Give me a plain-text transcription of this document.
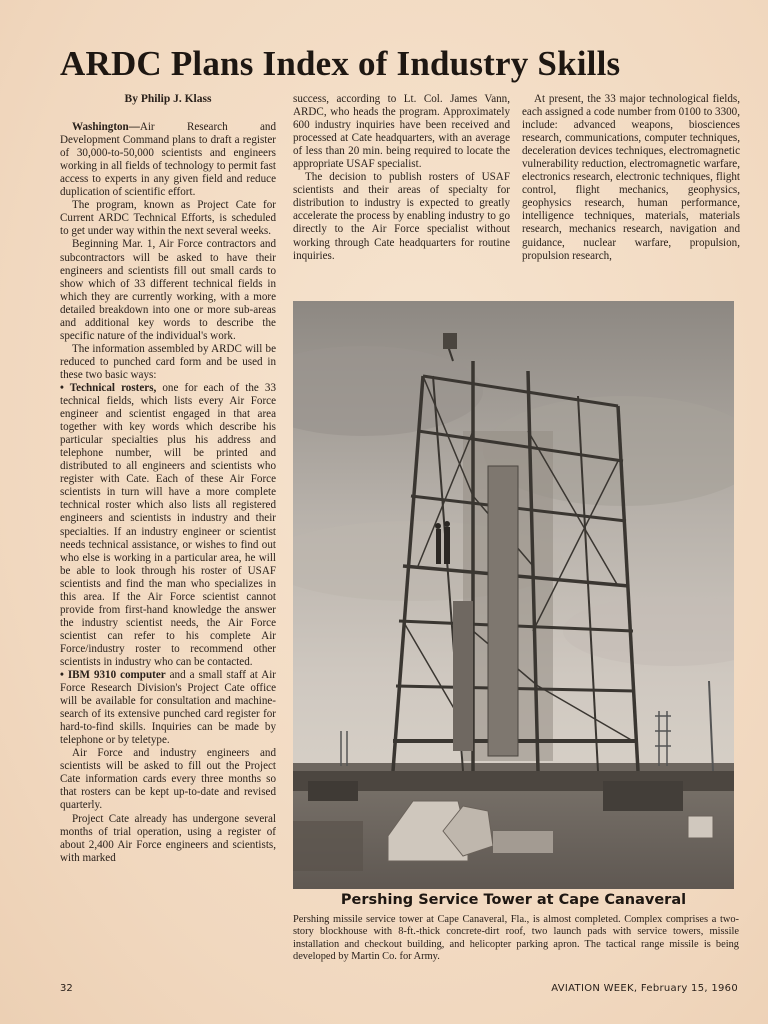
ARDC Plans Index of Industry Skills

By Philip J. Klass

Washington—Air Research and Development Command plans to draft a register of 30,000-to-50,000 scientists and engineers working in all fields of technology to permit fast access to experts in any given field and reduce duplication of scientific effort.

The program, known as Project Cate for Current ARDC Technical Efforts, is scheduled to get under way within the next several weeks.

Beginning Mar. 1, Air Force contractors and subcontractors will be asked to have their engineers and scientists fill out small cards to show which of 33 different technical fields in which they are currently working, with a more detailed breakdown into one or more sub-areas and additional key words to describe the specific nature of the individual's work.

The information assembled by ARDC will be reduced to punched card form and be used in these two basic ways:

• Technical rosters, one for each of the 33 technical fields, which lists every Air Force engineer and scientist engaged in that area together with key words which describe his particular specialties plus his address and telephone number, will be printed and distributed to all engineers and scientists who register with Cate. Each of these Air Force scientists in turn will have a more complete technical roster which also lists all registered engineers and scientists in industry and their specialties. If an industry engineer or scientist needs technical assistance, or wishes to find out who else is working in a particular area, he will be able to look through his roster of USAF scientists and find the man who specializes in this area. If the Air Force scientist cannot provide from first-hand knowledge the answer the industry scientist needs, the Air Force scientist can refer to his complete Air Force/industry roster to recommend other scientists in industry who can be contacted.

• IBM 9310 computer and a small staff at Air Force Research Division's Project Cate office will be available for consultation and machine-search of its extensive punched card register for hard-to-find skills. Inquiries can be made by telephone or by teletype.

Air Force and industry engineers and scientists will be asked to fill out the Project Cate information cards every three months so that rosters can be kept up-to-date and revised quarterly.

Project Cate already has undergone several months of trial operation, using a register of about 2,400 Air Force engineers and scientists, with marked

success, according to Lt. Col. James Vann, ARDC, who heads the program. Approximately 600 industry inquiries have been received and processed at Cate headquarters, with an average of less than 20 min. being required to locate the appropriate USAF specialist.

The decision to publish rosters of USAF scientists and their areas of specialty for distribution to industry is expected to greatly accelerate the process by enabling industry to go directly to the Air Force specialist without working through Cate headquarters for routine inquiries.

At present, the 33 major technological fields, each assigned a code number from 0100 to 3300, include: advanced weapons, biosciences research, communications, computer techniques, deceleration devices techniques, electromagnetic vulnerability reduction, electromagnetic warfare, electronics research, electronic techniques, flight control, flight mechanics, geophysics, geophysics research, human performance, intelligence techniques, materials, materials research, mechanics research, navigation and guidance, nuclear warfare, propulsion, propulsion research,

Pershing Service Tower at Cape Canaveral
Pershing missile service tower at Cape Canaveral, Fla., is almost completed. Complex comprises a two-story blockhouse with 8-ft.-thick concrete-dirt roof, two launch pads with service towers, missile installation and checkout building, and helicopter parking apron. The tactical range missile is being developed by Martin Co. for Army.
32	AVIATION WEEK, February 15, 1960
